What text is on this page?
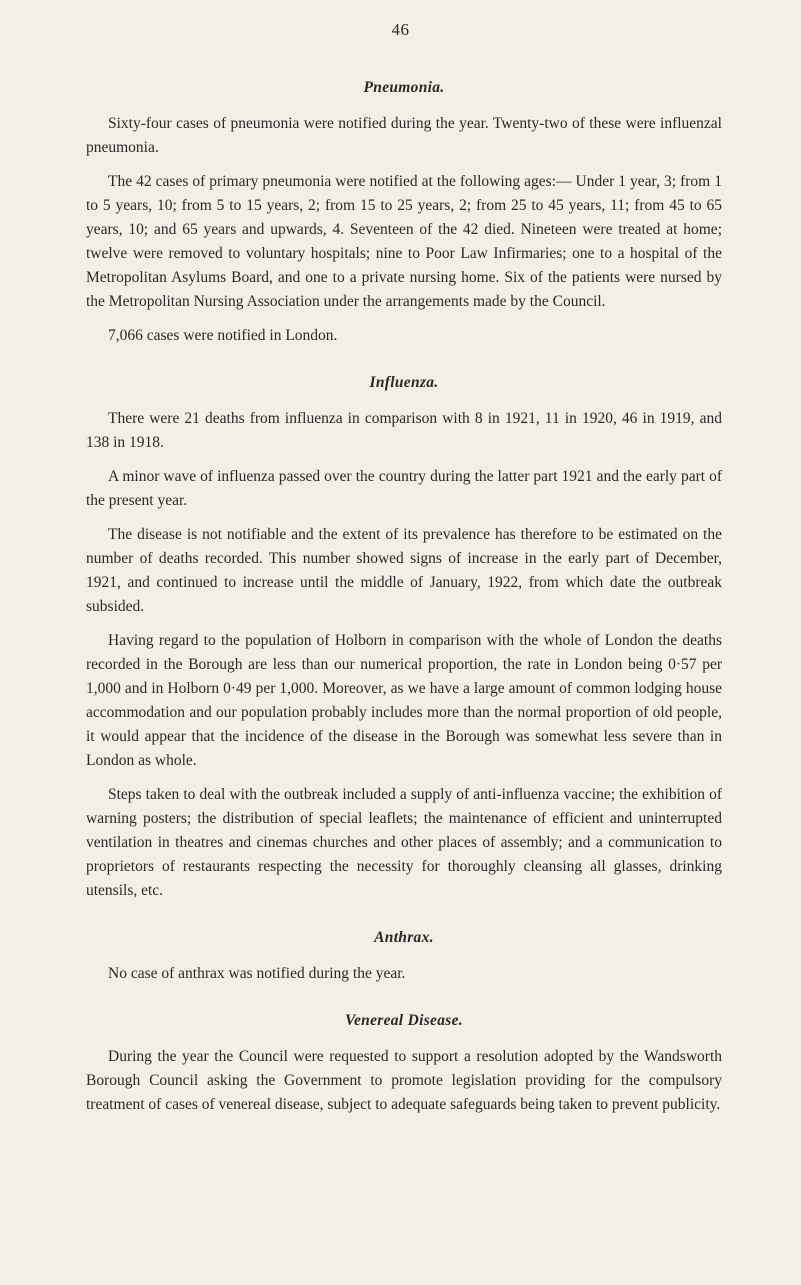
46
Pneumonia.

Sixty-four cases of pneumonia were notified during the year. Twenty-two of these were influenzal pneumonia.

The 42 cases of primary pneumonia were notified at the following ages:— Under 1 year, 3; from 1 to 5 years, 10; from 5 to 15 years, 2; from 15 to 25 years, 2; from 25 to 45 years, 11; from 45 to 65 years, 10; and 65 years and upwards, 4. Seventeen of the 42 died. Nineteen were treated at home; twelve were removed to voluntary hospitals; nine to Poor Law Infirmaries; one to a hospital of the Metropolitan Asylums Board, and one to a private nursing home. Six of the patients were nursed by the Metropolitan Nursing Association under the arrangements made by the Council.

7,066 cases were notified in London.

Influenza.

There were 21 deaths from influenza in comparison with 8 in 1921, 11 in 1920, 46 in 1919, and 138 in 1918.

A minor wave of influenza passed over the country during the latter part 1921 and the early part of the present year.

The disease is not notifiable and the extent of its prevalence has therefore to be estimated on the number of deaths recorded. This number showed signs of increase in the early part of December, 1921, and continued to increase until the middle of January, 1922, from which date the outbreak subsided.

Having regard to the population of Holborn in comparison with the whole of London the deaths recorded in the Borough are less than our numerical proportion, the rate in London being 0·57 per 1,000 and in Holborn 0·49 per 1,000. Moreover, as we have a large amount of common lodging house accommodation and our population probably includes more than the normal proportion of old people, it would appear that the incidence of the disease in the Borough was somewhat less severe than in London as whole.

Steps taken to deal with the outbreak included a supply of anti-influenza vaccine; the exhibition of warning posters; the distribution of special leaflets; the maintenance of efficient and uninterrupted ventilation in theatres and cinemas churches and other places of assembly; and a communication to proprietors of restaurants respecting the necessity for thoroughly cleansing all glasses, drinking utensils, etc.

Anthrax.

No case of anthrax was notified during the year.

Venereal Disease.

During the year the Council were requested to support a resolution adopted by the Wandsworth Borough Council asking the Government to promote legislation providing for the compulsory treatment of cases of venereal disease, subject to adequate safeguards being taken to prevent publicity.
